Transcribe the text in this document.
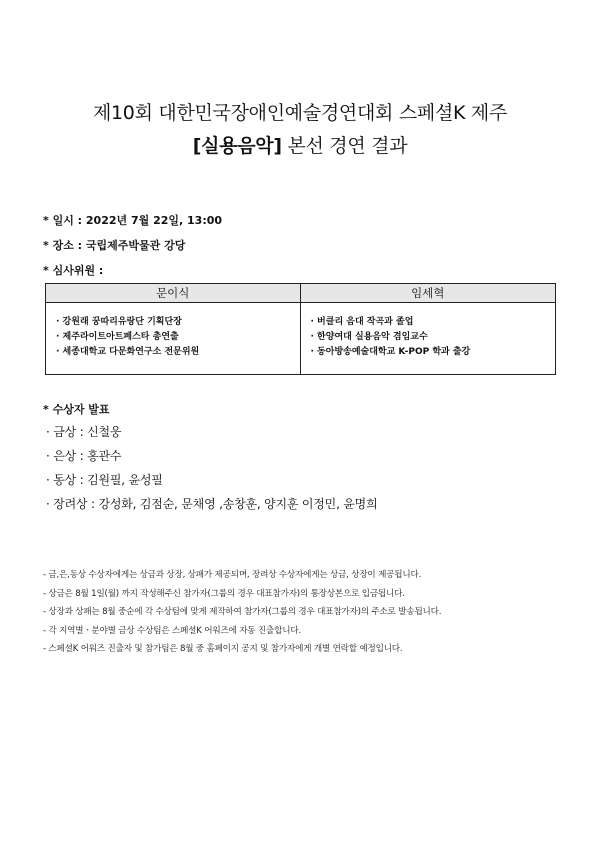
제10회 대한민국장애인예술경연대회 스페셜K 제주
[실용음악] 본선 경연 결과
* 일시 : 2022년 7월 22일, 13:00
* 장소 : 국립제주박물관 강당
* 심사위원 :
문이식	임세혁
· 강원래 꿍따리유랑단 기획단장
· 제주라이트아트페스타 총연출
· 세종대학교 다문화연구소 전문위원
· 버클리 음대 작곡과 졸업
· 한양여대 실용음악 겸임교수
· 동아방송예술대학교 K-POP 학과 출강
* 수상자 발표
· 금상 : 신철웅
· 은상 : 홍관수
· 동상 : 김원필, 윤성필
· 장려상 : 강성화, 김점순, 문채영 ,송창훈, 양지훈 이정민, 윤명희
- 금,은,동상 수상자에게는 상금과 상장, 상패가 제공되며, 장려상 수상자에게는 상금, 상장이 제공됩니다.
- 상금은 8월 1일(월) 까지 작성해주신 참가자(그룹의 경우 대표참가자)의 통장상본으로 입금됩니다.
- 상장과 상패는 8월 중순에 각 수상팀에 맞게 제작하여 참가자(그룹의 경우 대표참가자)의 주소로 발송됩니다.
- 각 지역별ㆍ분야별 금상 수상팀은 스페셜K 어워즈에 자동 진출합니다.
- 스페셜K 어워즈 진출자 및 참가팀은 8월 중 홈페이지 공지 및 참가자에게 개별 연락할 예정입니다.
